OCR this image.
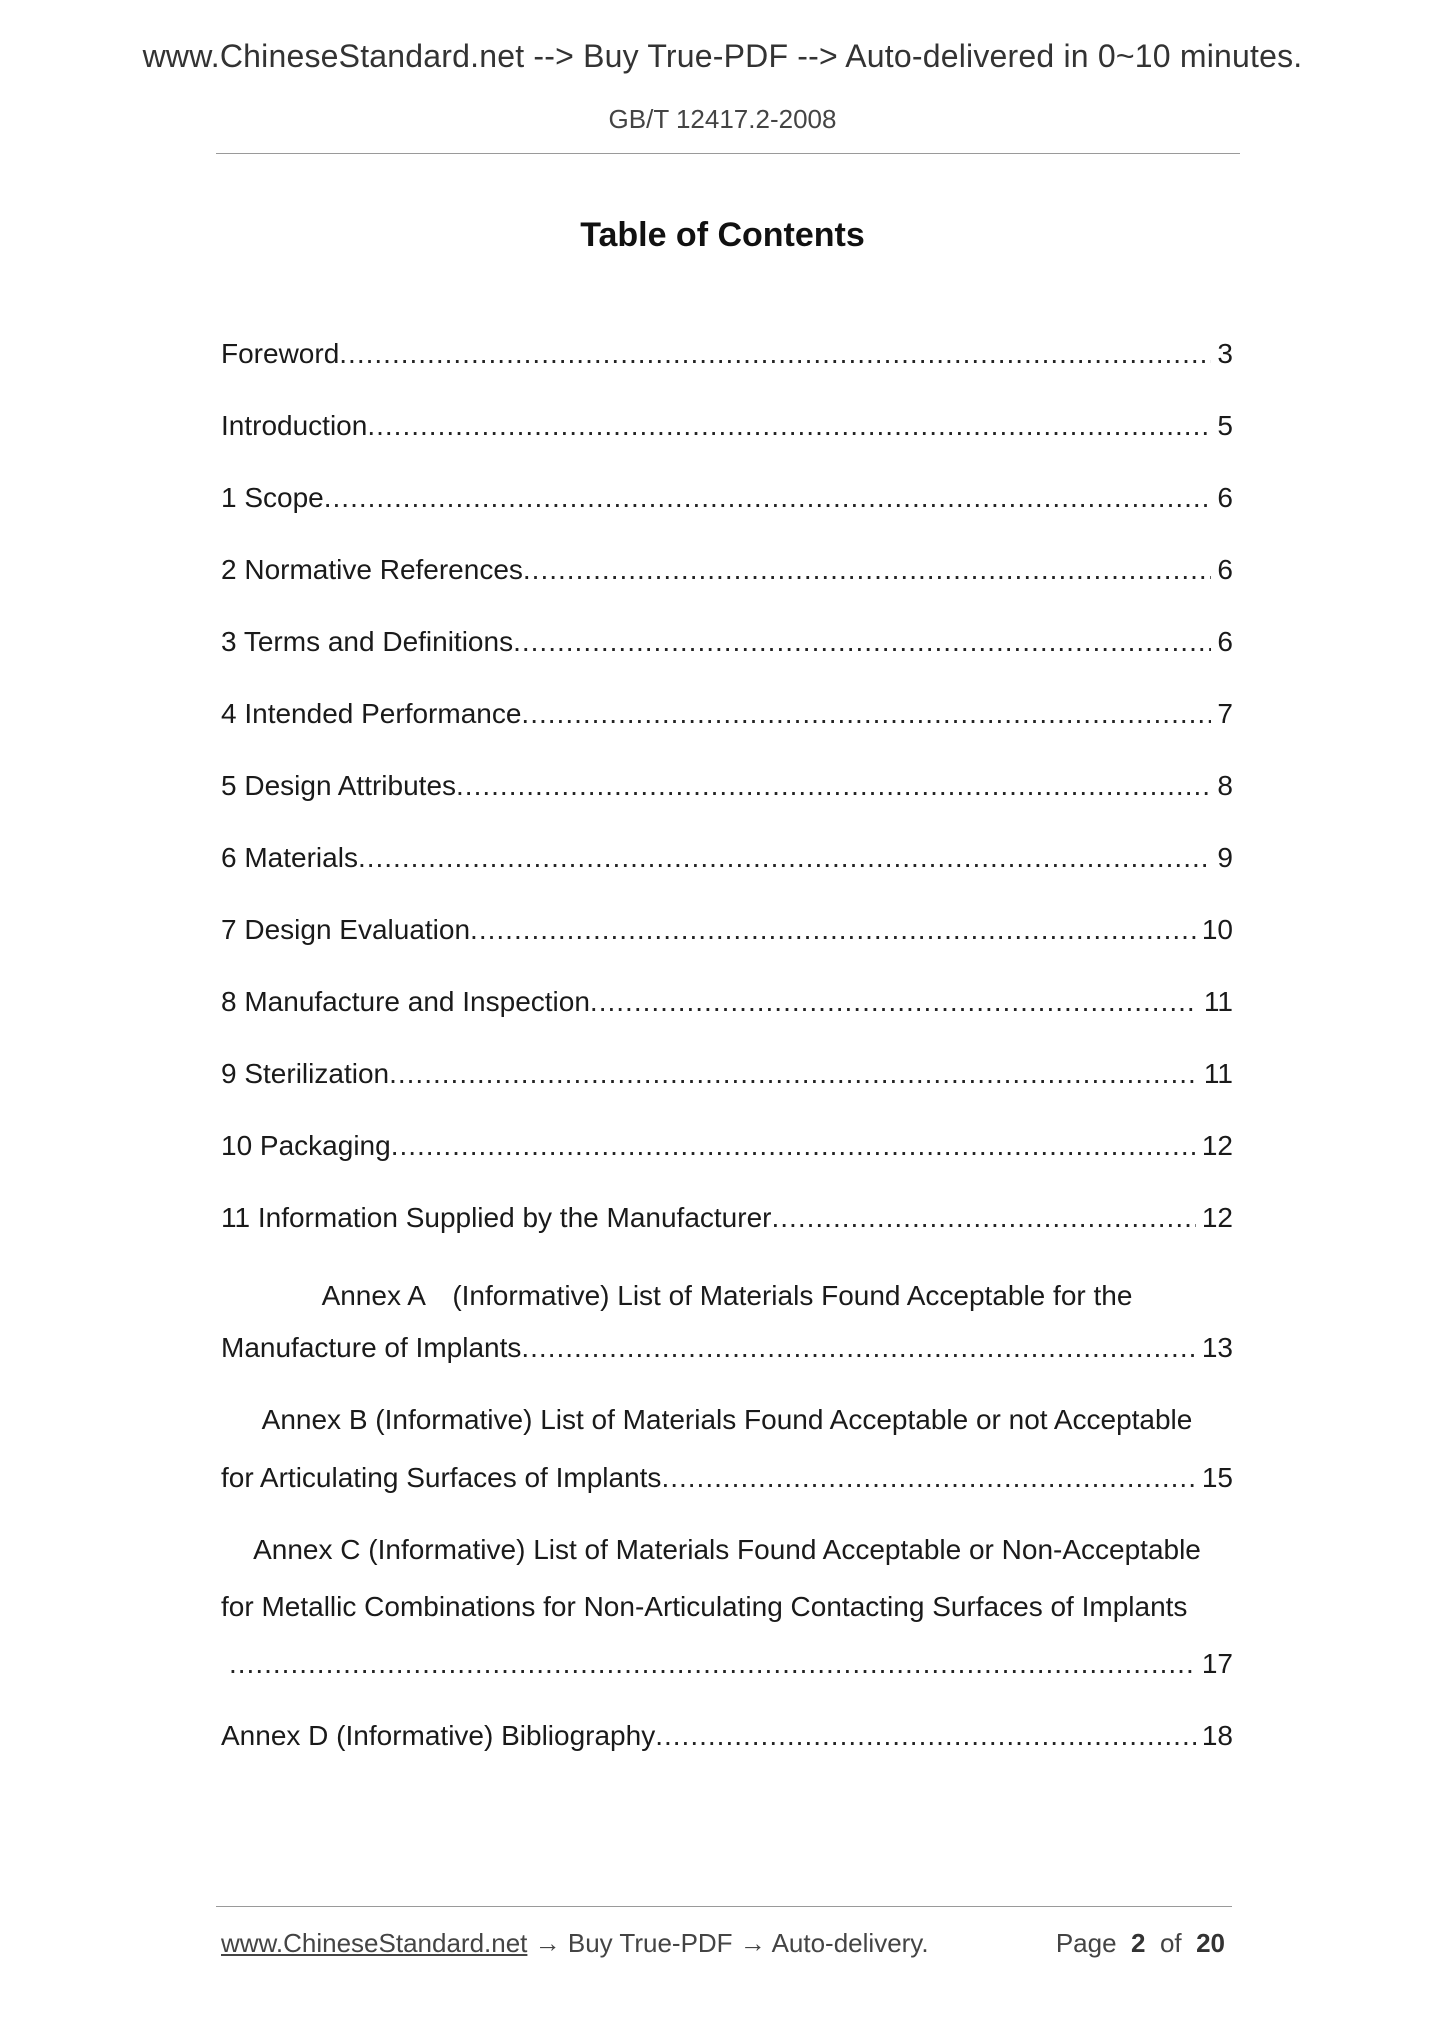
www.ChineseStandard.net --> Buy True-PDF --> Auto-delivered in 0~10 minutes.
GB/T 12417.2-2008
Table of Contents
Foreword .....	3
Introduction .....	5
1 Scope .....	6
2 Normative References .....	6
3 Terms and Definitions .....	6
4 Intended Performance .....	7
5 Design Attributes .....	8
6 Materials .....	9
7 Design Evaluation .....	10
8 Manufacture and Inspection .....	11
9 Sterilization .....	11
10 Packaging .....	12
11 Information Supplied by the Manufacturer .....	12
Annex A　(Informative) List of Materials Found Acceptable for the
Manufacture of Implants .....	13
Annex B (Informative) List of Materials Found Acceptable or not Acceptable
for Articulating Surfaces of Implants .....	15
Annex C (Informative) List of Materials Found Acceptable or Non-Acceptable
for Metallic Combinations for Non-Articulating Contacting Surfaces of Implants
.....
17
Annex D (Informative) Bibliography .....	18
www.ChineseStandard.net → Buy True-PDF → Auto-delivery.	Page 2 of 20
